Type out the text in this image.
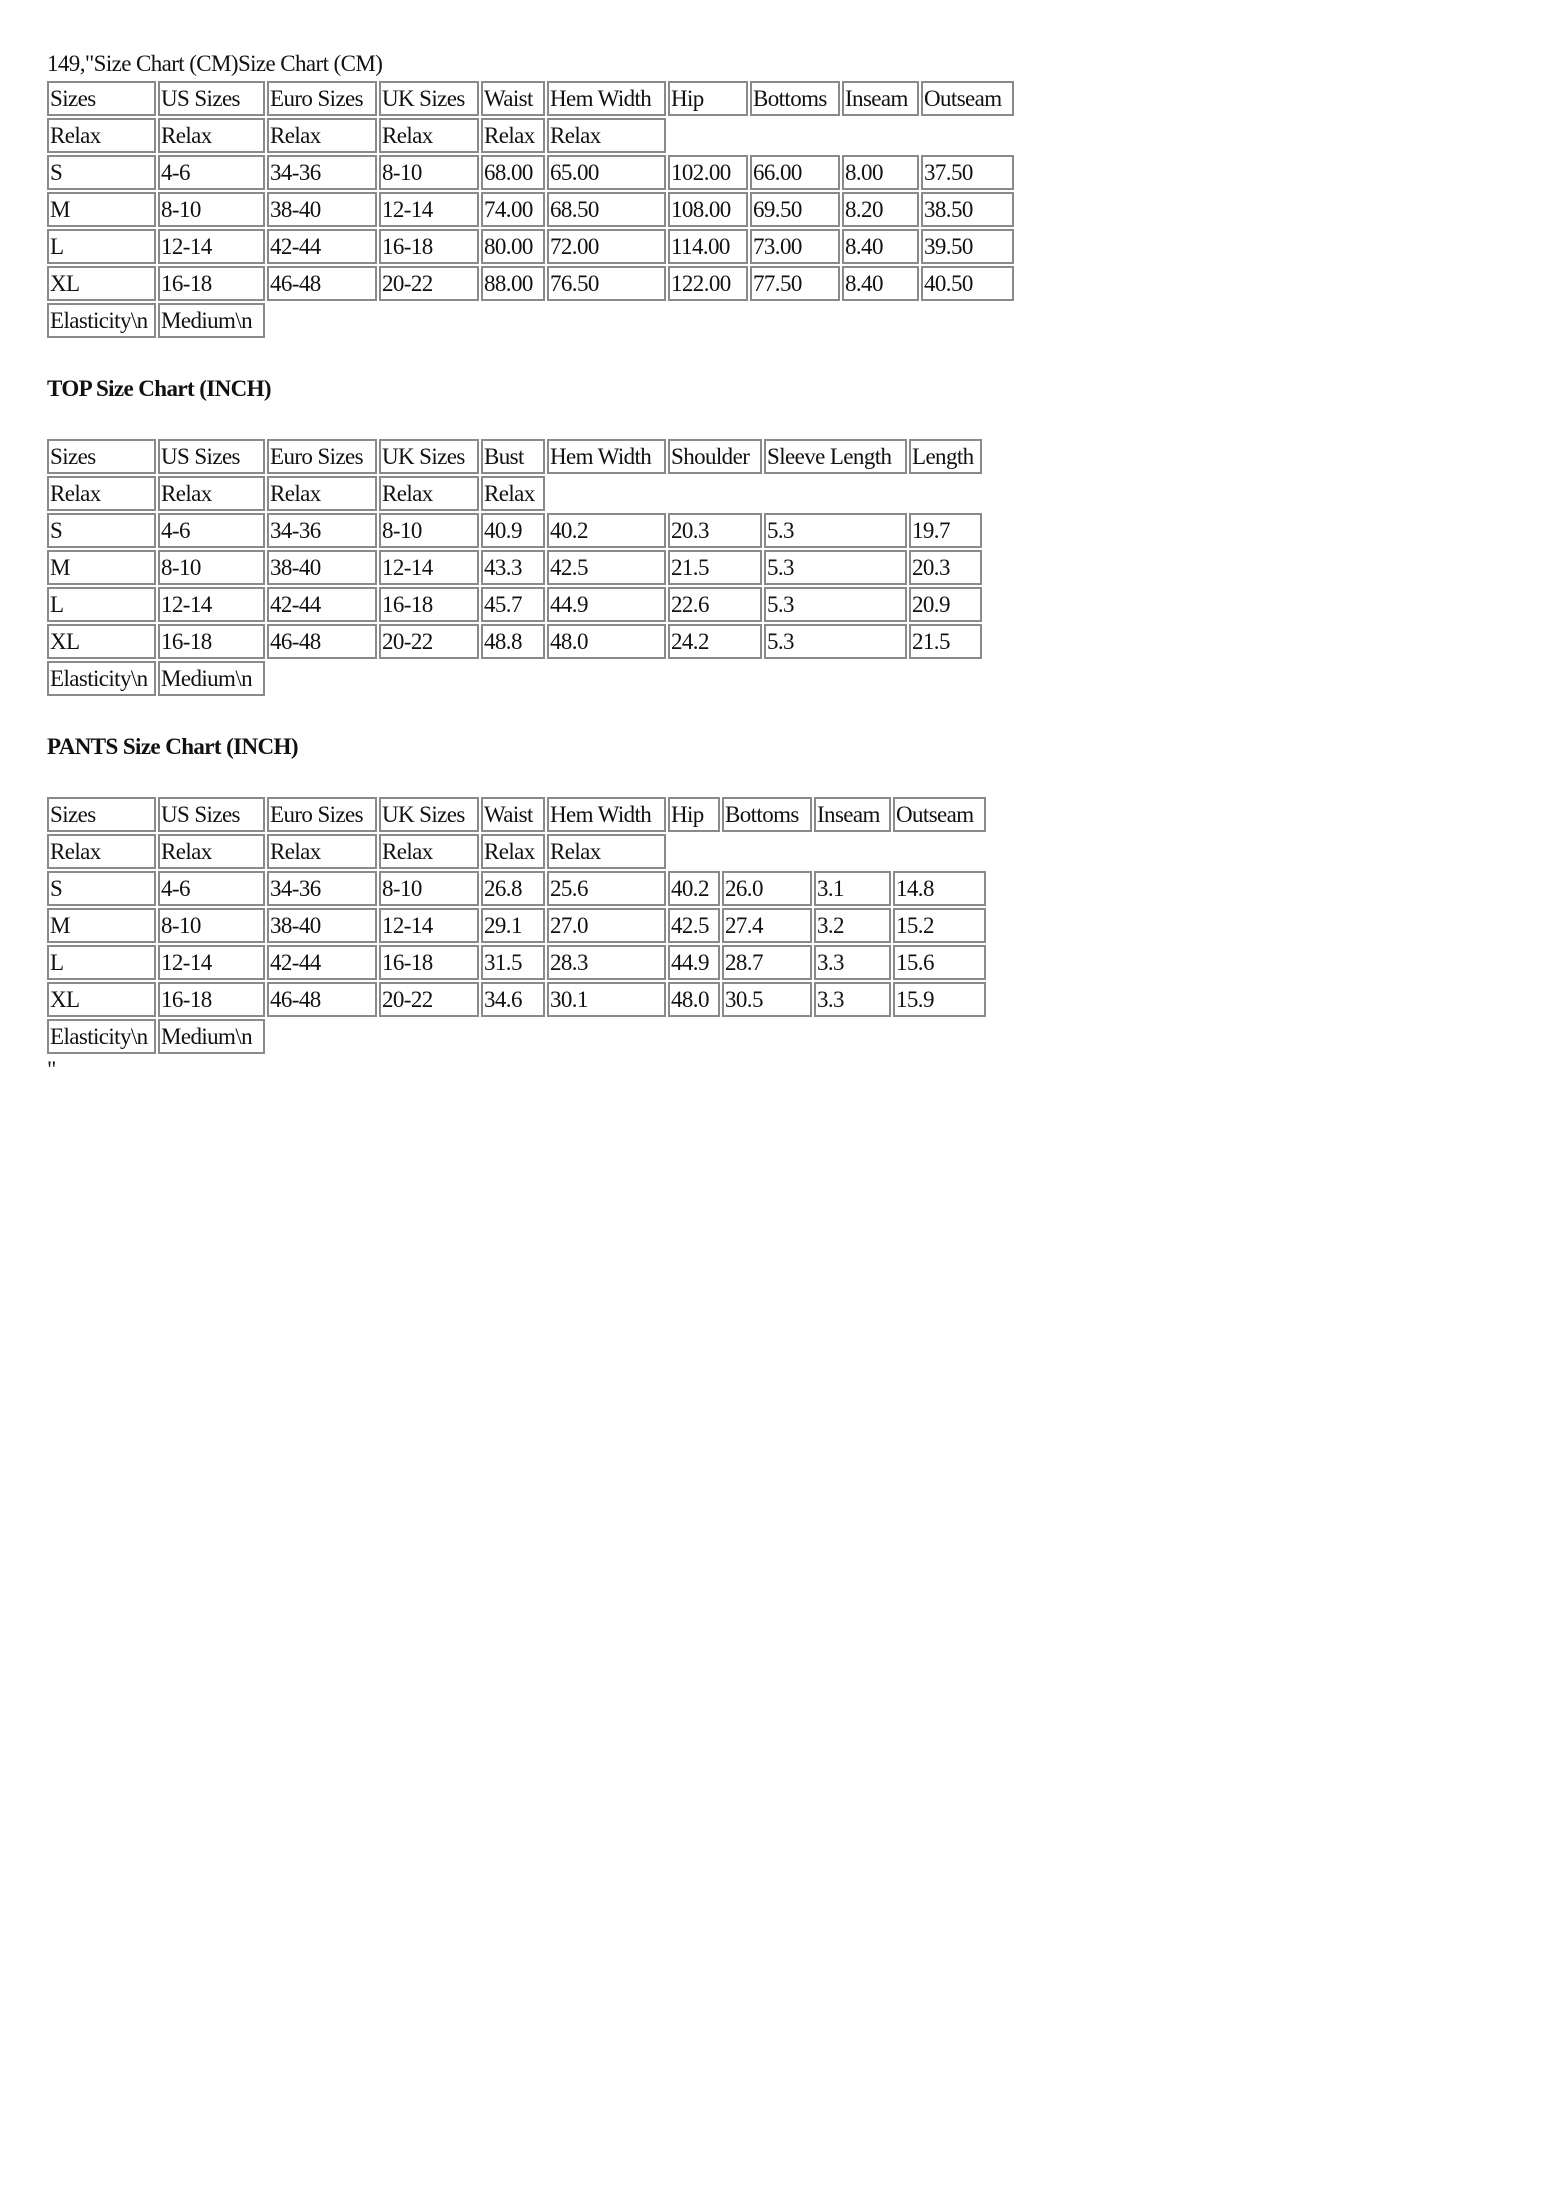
149,"Size Chart (CM)Size Chart (CM)
Sizes	US Sizes	Euro Sizes	UK Sizes	Waist	Hem Width	Hip	Bottoms	Inseam	Outseam
Relax	Relax	Relax	Relax	Relax	Relax				
S	4-6	34-36	8-10	68.00	65.00	102.00	66.00	8.00	37.50
M	8-10	38-40	12-14	74.00	68.50	108.00	69.50	8.20	38.50
L	12-14	42-44	16-18	80.00	72.00	114.00	73.00	8.40	39.50
XL	16-18	46-48	20-22	88.00	76.50	122.00	77.50	8.40	40.50
Elasticity\n	Medium\n								
TOP Size Chart (INCH)
Sizes	US Sizes	Euro Sizes	UK Sizes	Bust	Hem Width	Shoulder	Sleeve Length	Length
Relax	Relax	Relax	Relax	Relax				
S	4-6	34-36	8-10	40.9	40.2	20.3	5.3	19.7
M	8-10	38-40	12-14	43.3	42.5	21.5	5.3	20.3
L	12-14	42-44	16-18	45.7	44.9	22.6	5.3	20.9
XL	16-18	46-48	20-22	48.8	48.0	24.2	5.3	21.5
Elasticity\n	Medium\n							
PANTS Size Chart (INCH)
Sizes	US Sizes	Euro Sizes	UK Sizes	Waist	Hem Width	Hip	Bottoms	Inseam	Outseam
Relax	Relax	Relax	Relax	Relax	Relax				
S	4-6	34-36	8-10	26.8	25.6	40.2	26.0	3.1	14.8
M	8-10	38-40	12-14	29.1	27.0	42.5	27.4	3.2	15.2
L	12-14	42-44	16-18	31.5	28.3	44.9	28.7	3.3	15.6
XL	16-18	46-48	20-22	34.6	30.1	48.0	30.5	3.3	15.9
Elasticity\n	Medium\n								
"
